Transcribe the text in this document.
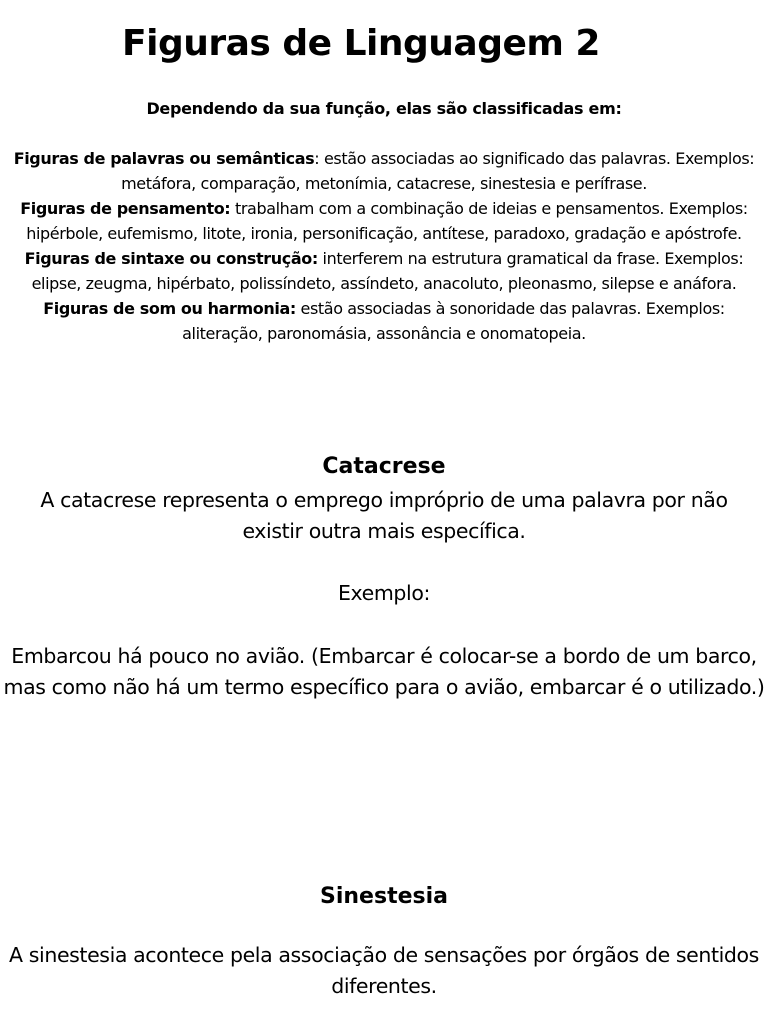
Figuras de Linguagem 2
Dependendo da sua função, elas são classificadas em:
Figuras de palavras ou semânticas: estão associadas ao significado das palavras. Exemplos: metáfora, comparação, metonímia, catacrese, sinestesia e perífrase.
Figuras de pensamento: trabalham com a combinação de ideias e pensamentos. Exemplos: hipérbole, eufemismo, litote, ironia, personificação, antítese, paradoxo, gradação e apóstrofe.
Figuras de sintaxe ou construção: interferem na estrutura gramatical da frase. Exemplos: elipse, zeugma, hipérbato, polissíndeto, assíndeto, anacoluto, pleonasmo, silepse e anáfora.
Figuras de som ou harmonia: estão associadas à sonoridade das palavras. Exemplos: aliteração, paronomásia, assonância e onomatopeia.
Catacrese
A catacrese representa o emprego impróprio de uma palavra por não existir outra mais específica.
Exemplo:
Embarcou há pouco no avião. (Embarcar é colocar-se a bordo de um barco, mas como não há um termo específico para o avião, embarcar é o utilizado.)
Sinestesia
A sinestesia acontece pela associação de sensações por órgãos de sentidos diferentes.
